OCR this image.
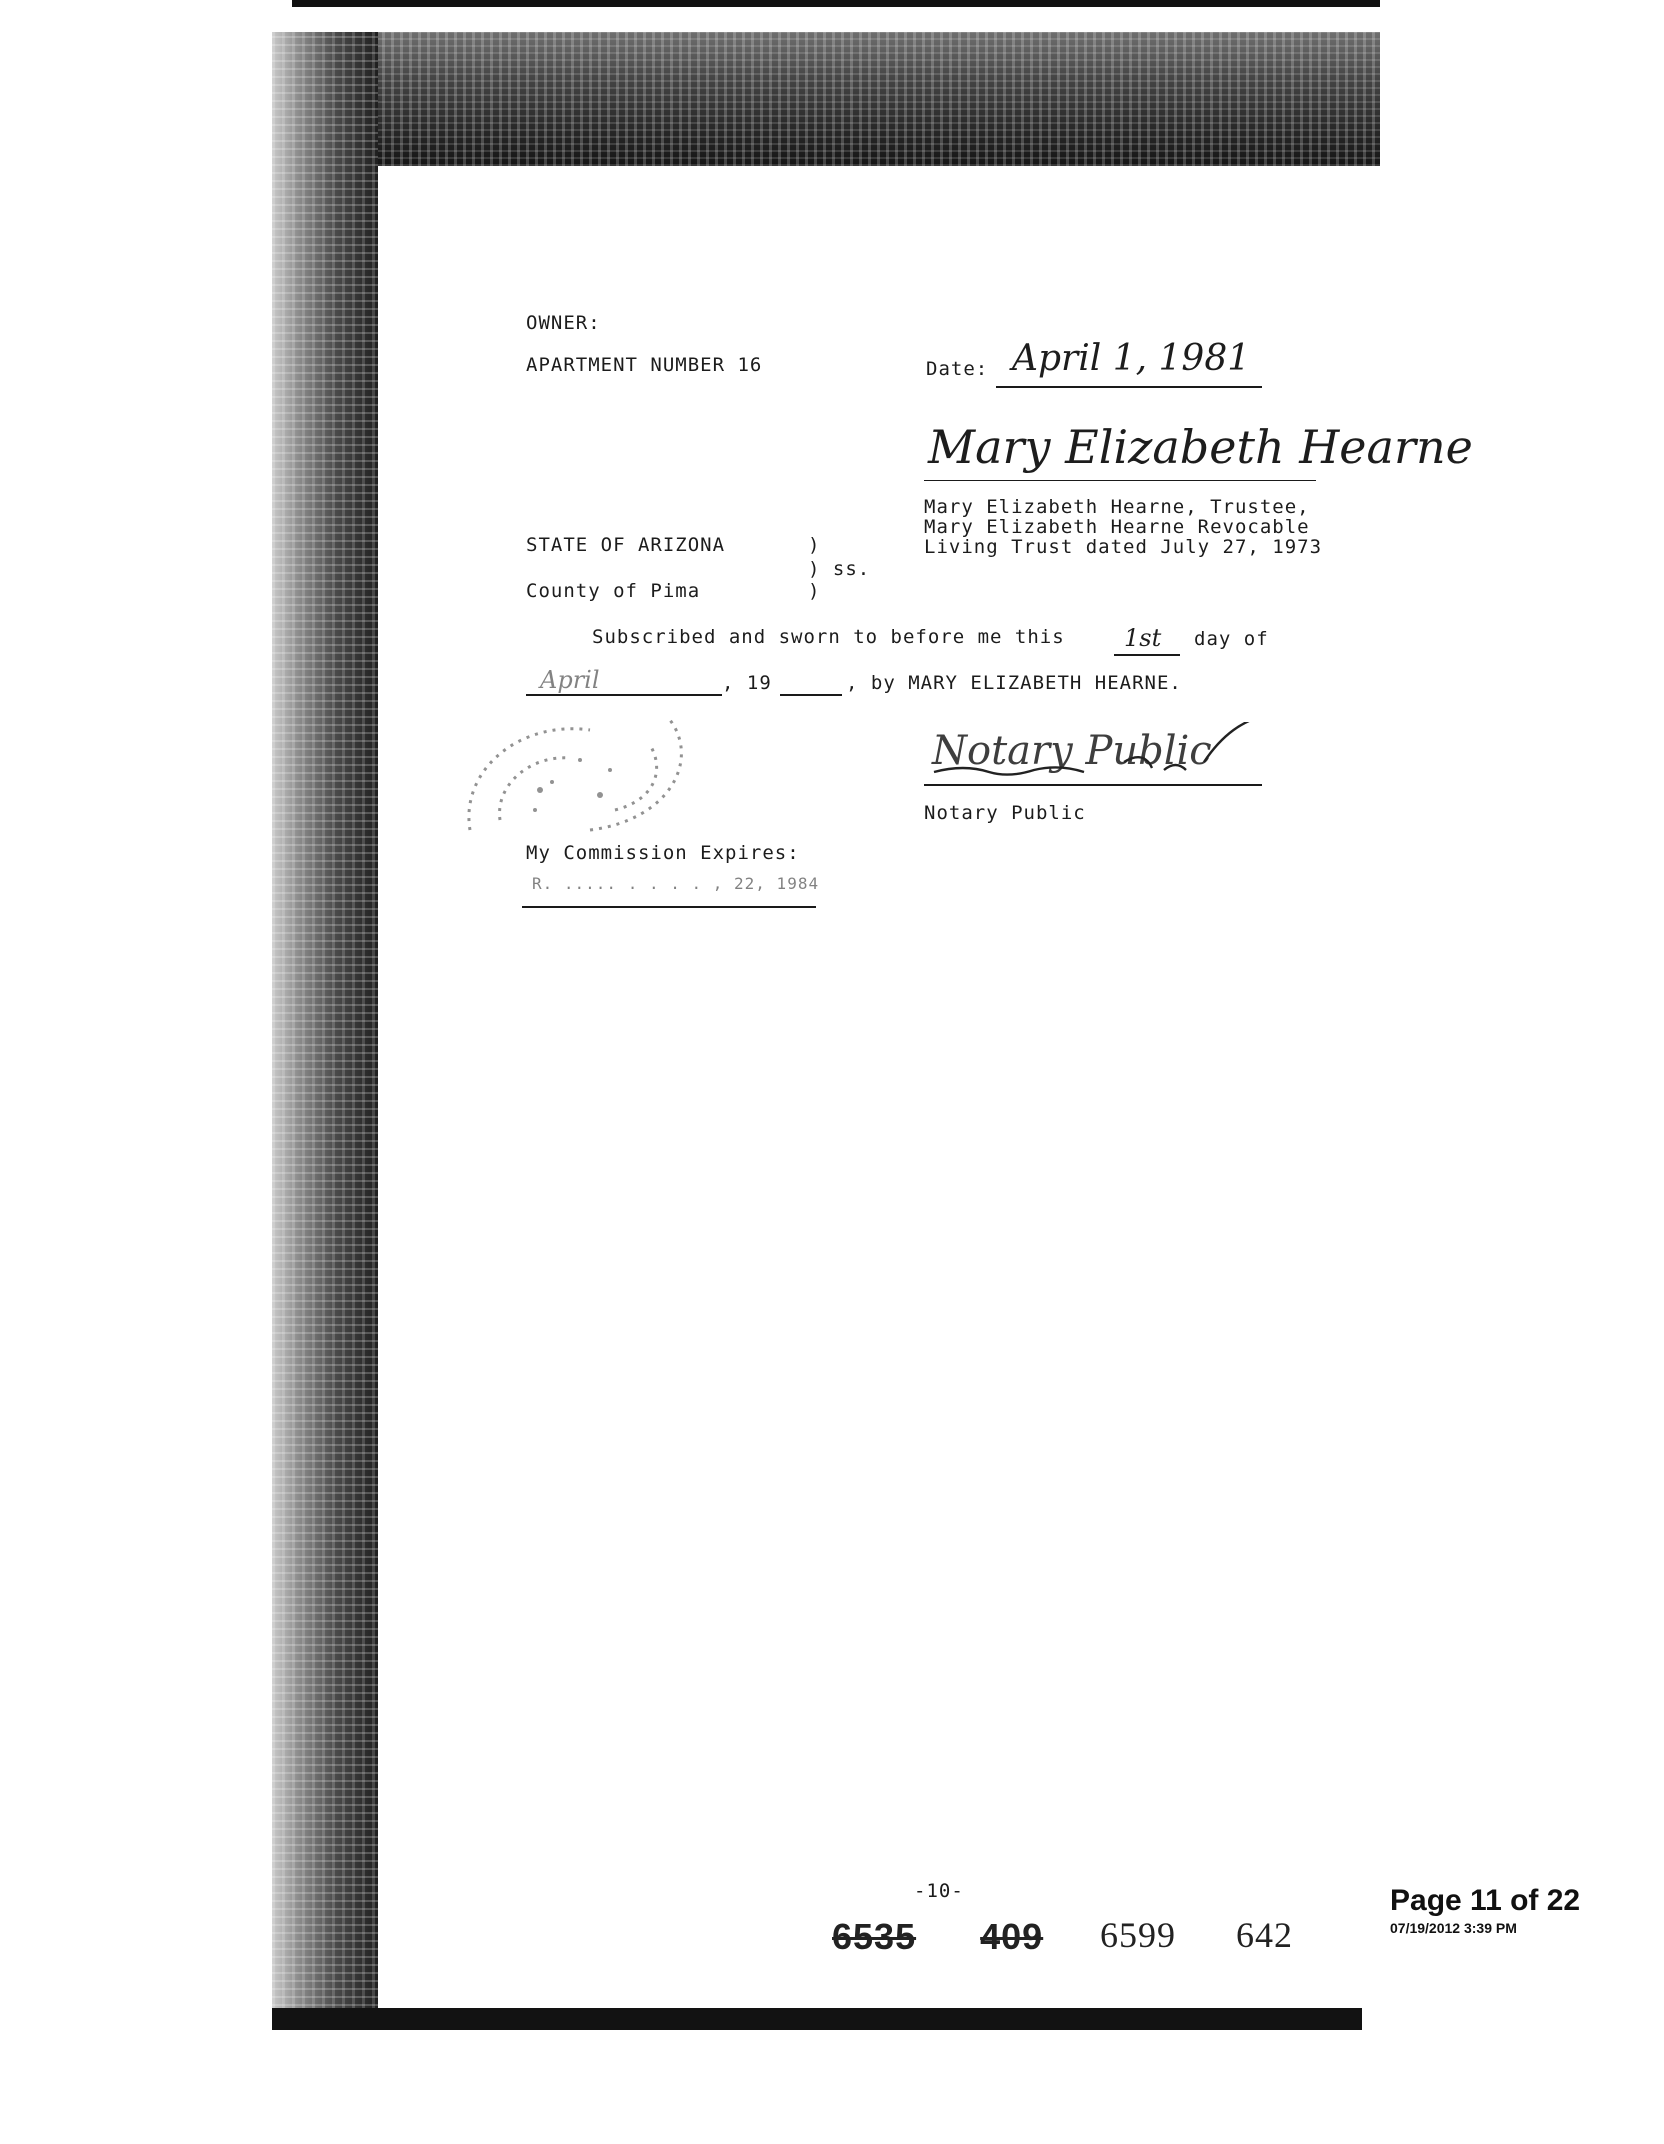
OWNER:
APARTMENT NUMBER 16	Date: April 1, 1981
Mary Elizabeth Hearne
Mary Elizabeth Hearne, Trustee,
Mary Elizabeth Hearne Revocable
Living Trust dated July 27, 1973
STATE OF ARIZONA	)
) ss.
County of Pima	)
Subscribed and sworn to before me this 1st day of
April	, 19	, by MARY ELIZABETH HEARNE.
Notary Public
Notary Public
My Commission Expires:
R. ..... . . . . , 22, 1984
-10-
6535 409 6599 642
Page 11 of 22
07/19/2012 3:39 PM
